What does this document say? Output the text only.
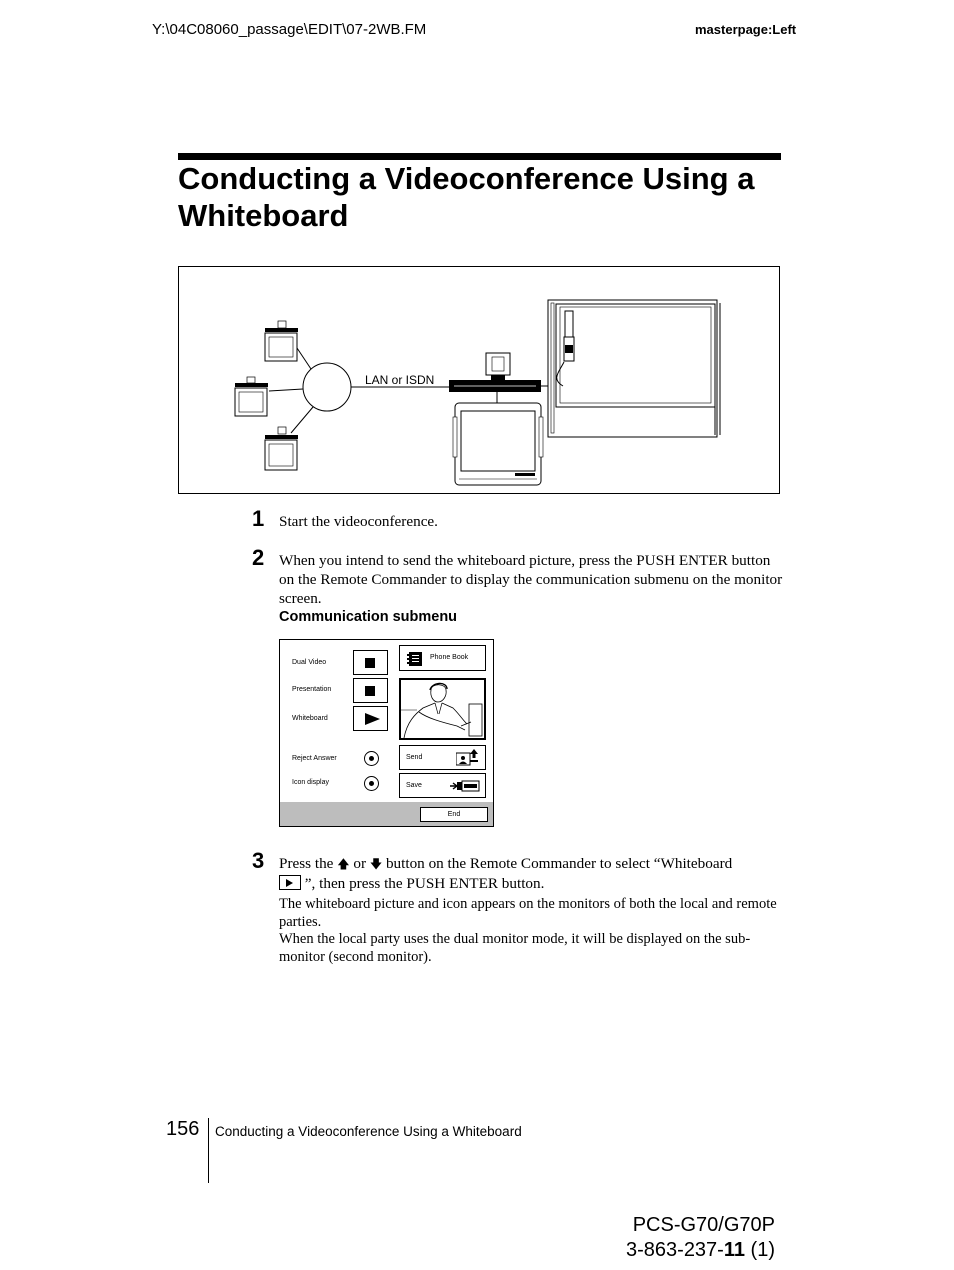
Y:\04C08060_passage\EDIT\07-2WB.FM	masterpage:Left
Conducting a Videoconference Using a Whiteboard
LAN or ISDN
1 Start the videoconference.
2 When you intend to send the whiteboard picture, press the PUSH ENTER button on the Remote Commander to display the communication submenu on the monitor screen.
Communication submenu
Dual Video
Presentation
Whiteboard
Reject Answer
Icon display
Phone Book
Send
Save
End
3 Press the 🡅 or 🡇 button on the Remote Commander to select “Whiteboard
”, then press the PUSH ENTER button.
The whiteboard picture and icon appears on the monitors of both the local and remote parties.
When the local party uses the dual monitor mode, it will be displayed on the sub-monitor (second monitor).
156 Conducting a Videoconference Using a Whiteboard
PCS-G70/G70P
3-863-237-11 (1)
